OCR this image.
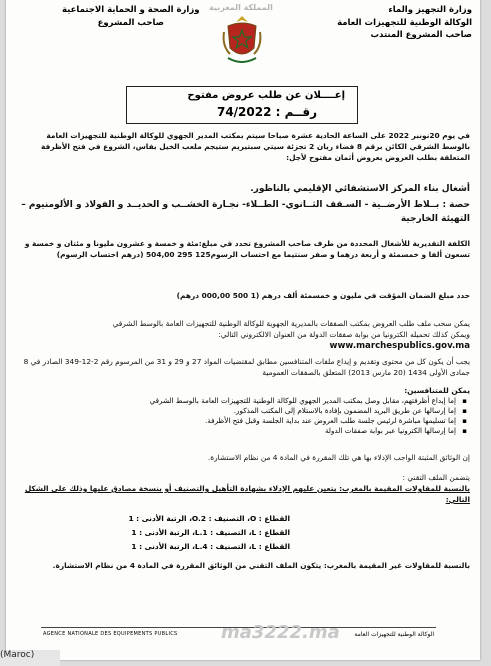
وزارة التجهيز والماء
الوكالة الوطنية للتجهيزات العامة
صاحب المشروع المنتدب
المملكة المغربية
وزارة الصحة و الحماية الاجتماعية
صاحب المشروع
إعــــلان عن طلب عروض مفتوح
رقــم : 74/2022

في يوم 20نونبر 2022 على الساعة الحادية عشرة صباحا سيتم بمكتب المدير الجهوي للوكالة الوطنية للتجهيزات العامة بالوسط الشرقي الكائن برقم 8 فضاء ريان 2 تجزئة سيتي سبتيريم ستيجم ملعب الخيل بفاس، الشروع في فتح الأظرفة المتعلقة بطلب العروض بعروض أثمان مفتوح لأجل:

أشغال بناء المركز الاستشفائي الإقليمي بالناظور.

حصة : بــلاط الأرضــية - السـقف الثــانوي- الطــلاء- نجـارة الخشــب و الحديــد و الفولاذ و الألومنيوم – التهيئة الخارجية

الكلفة التقديرية للأشغال المحددة من طرف صاحب المشروع تحدد في مبلغ:مئة و خمسة و عشرون مليونا و مئتان و خمسة و تسعون ألفا و خمسمئة و أربعة درهما و صفر سنتيما مع احتساب الرسوم125 295 504,00 (درهم احتساب الرسوم)

حدد مبلغ الضمان المؤقت في مليون و خمسمئة ألف درهم (1 500 000,00 درهم)

يمكن سحب ملف طلب العروض بمكتب الصفقات بالمديرية الجهوية للوكالة الوطنية للتجهيزات العامة بالوسط الشرقي

ويمكن كذلك تحميله الكترونيا من بوابة صفقات الدولة من العنوان الالكتروني التالي:

www.marchespublics.gov.ma

يجب أن يكون كل من محتوى وتقديم و إيداع ملفات المتنافسين مطابق لمقتضيات المواد 27 و 29 و 31 من المرسوم رقم 2-12-349 الصادر في 8 جمادى الأولى 1434 (20 مارس 2013) المتعلق بالصفقات العمومية

يمكن للمتنافسين:

▪ إما إيداع أظرفتهم، مقابل وصل بمكتب المدير الجهوي للوكالة الوطنية للتجهيزات العامة بالوسط الشرقي
▪ إما إرسالها عن طريق البريد المضمون بإفادة بالاستلام إلى المكتب المذكور.
▪ إما تسليمها مباشرة لرئيس جلسة طلب العروض عند بداية الجلسة وقبل فتح الأظرفة.
▪ إما إرسالها الكترونيا عبر بوابة صفقات الدولة

إن الوثائق المثبتة الواجب الإدلاء بها هي تلك المقررة في المادة 4 من نظام الاستشارة.

يتضمن الملف التقني :

بالنسبة للمقاولات المقيمة بالمغرب: يتعين عليهم الإدلاء بشهادة التأهيل والتصنيف أو بنسخة مصادق عليها وذلك على الشكل التالي:

القطاع : O، التصنيف : O.2، الرتبة الأدنى : 1
القطاع : L، التصنيف : L.1، الرتبة الأدنى : 1
القطاع : L، التصنيف : L.4، الرتبة الأدنى : 1

بالنسبة للمقاولات غير المقيمة بالمغرب: يتكون الملف التقني من الوثائق المقررة في المادة 4 من نظام الاستشارة.

AGENCE NATIONALE DES EQUIPEMENTS PUBLICS ma3222.ma الوكالة الوطنية للتجهيزات العامة
(Maroc)
